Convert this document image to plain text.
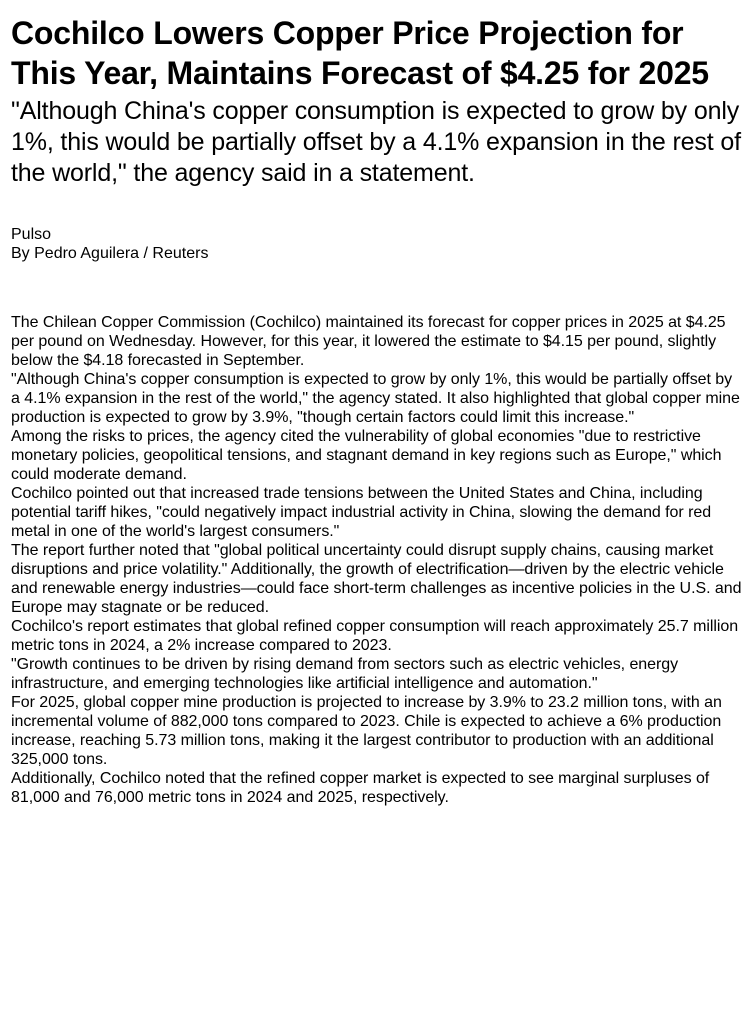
Cochilco Lowers Copper Price Projection for This Year, Maintains Forecast of $4.25 for 2025

"Although China's copper consumption is expected to grow by only 1%, this would be partially offset by a 4.1% expansion in the rest of the world," the agency said in a statement.

Pulso
By Pedro Aguilera / Reuters

The Chilean Copper Commission (Cochilco) maintained its forecast for copper prices in 2025 at $4.25 per pound on Wednesday. However, for this year, it lowered the estimate to $4.15 per pound, slightly below the $4.18 forecasted in September.

"Although China's copper consumption is expected to grow by only 1%, this would be partially offset by a 4.1% expansion in the rest of the world," the agency stated. It also highlighted that global copper mine production is expected to grow by 3.9%, "though certain factors could limit this increase."

Among the risks to prices, the agency cited the vulnerability of global economies "due to restrictive monetary policies, geopolitical tensions, and stagnant demand in key regions such as Europe," which could moderate demand.

Cochilco pointed out that increased trade tensions between the United States and China, including potential tariff hikes, "could negatively impact industrial activity in China, slowing the demand for red metal in one of the world's largest consumers."

The report further noted that "global political uncertainty could disrupt supply chains, causing market disruptions and price volatility." Additionally, the growth of electrification—driven by the electric vehicle and renewable energy industries—could face short-term challenges as incentive policies in the U.S. and Europe may stagnate or be reduced.

Cochilco's report estimates that global refined copper consumption will reach approximately 25.7 million metric tons in 2024, a 2% increase compared to 2023.

"Growth continues to be driven by rising demand from sectors such as electric vehicles, energy infrastructure, and emerging technologies like artificial intelligence and automation."

For 2025, global copper mine production is projected to increase by 3.9% to 23.2 million tons, with an incremental volume of 882,000 tons compared to 2023. Chile is expected to achieve a 6% production increase, reaching 5.73 million tons, making it the largest contributor to production with an additional 325,000 tons.

Additionally, Cochilco noted that the refined copper market is expected to see marginal surpluses of 81,000 and 76,000 metric tons in 2024 and 2025, respectively.
